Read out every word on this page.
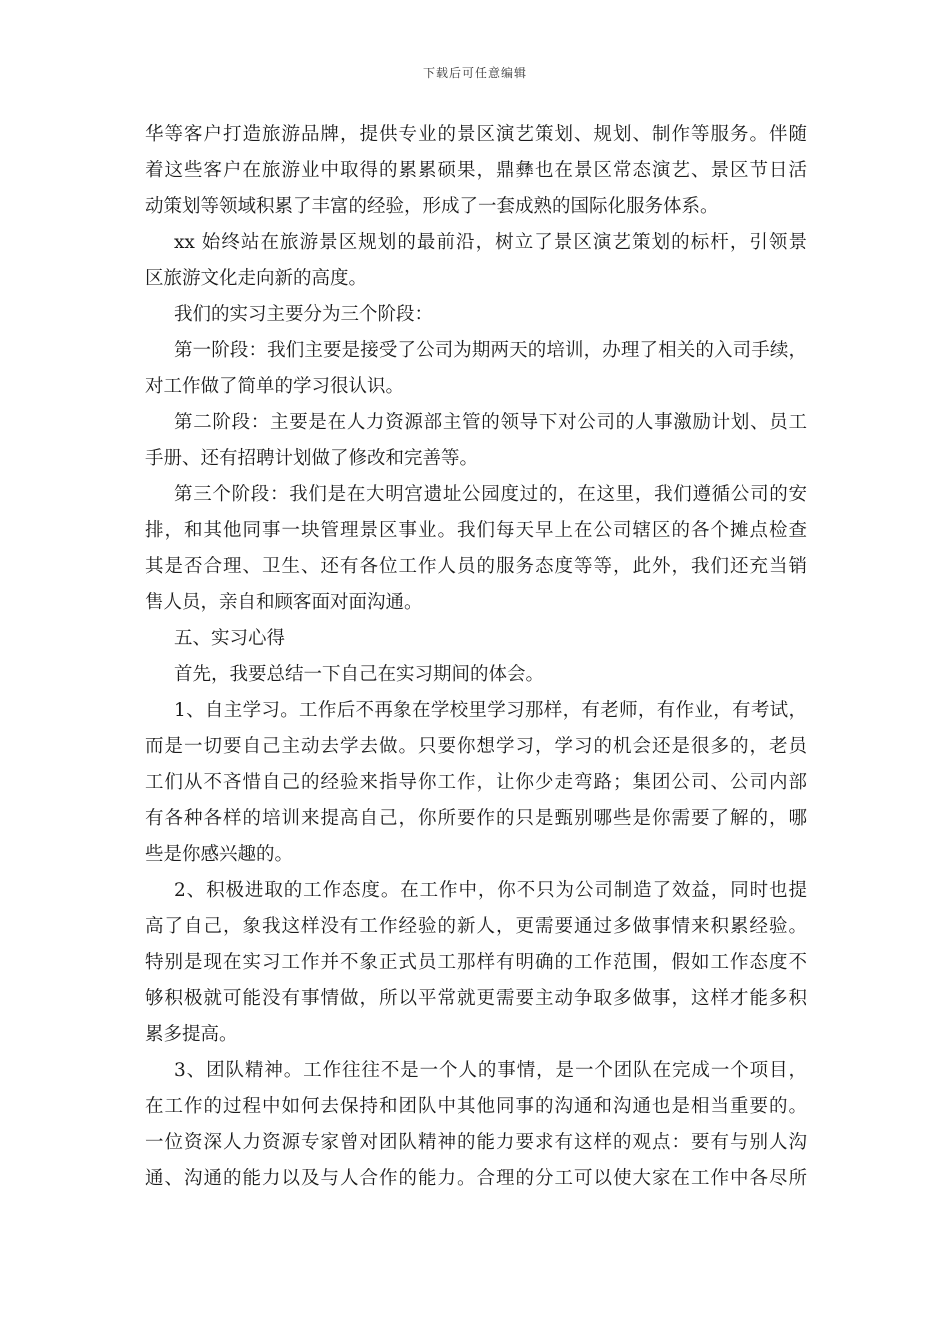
下载后可任意编辑
华等客户打造旅游品牌，提供专业的景区演艺策划、规划、制作等服务。伴随
着这些客户在旅游业中取得的累累硕果，鼎彝也在景区常态演艺、景区节日活
动策划等领域积累了丰富的经验，形成了一套成熟的国际化服务体系。
xx 始终站在旅游景区规划的最前沿，树立了景区演艺策划的标杆，引领景
区旅游文化走向新的高度。
我们的实习主要分为三个阶段：
第一阶段：我们主要是接受了公司为期两天的培训，办理了相关的入司手续，
对工作做了简单的学习很认识。
第二阶段：主要是在人力资源部主管的领导下对公司的人事激励计划、员工
手册、还有招聘计划做了修改和完善等。
第三个阶段：我们是在大明宫遗址公园度过的，在这里，我们遵循公司的安
排，和其他同事一块管理景区事业。我们每天早上在公司辖区的各个摊点检查
其是否合理、卫生、还有各位工作人员的服务态度等等，此外，我们还充当销
售人员，亲自和顾客面对面沟通。
五、实习心得
首先，我要总结一下自己在实习期间的体会。
1、自主学习。工作后不再象在学校里学习那样，有老师，有作业，有考试，
而是一切要自己主动去学去做。只要你想学习，学习的机会还是很多的，老员
工们从不吝惜自己的经验来指导你工作，让你少走弯路；集团公司、公司内部
有各种各样的培训来提高自己，你所要作的只是甄别哪些是你需要了解的，哪
些是你感兴趣的。
2、积极进取的工作态度。在工作中，你不只为公司制造了效益，同时也提
高了自己，象我这样没有工作经验的新人，更需要通过多做事情来积累经验。
特别是现在实习工作并不象正式员工那样有明确的工作范围，假如工作态度不
够积极就可能没有事情做，所以平常就更需要主动争取多做事，这样才能多积
累多提高。
3、团队精神。工作往往不是一个人的事情，是一个团队在完成一个项目，
在工作的过程中如何去保持和团队中其他同事的沟通和沟通也是相当重要的。
一位资深人力资源专家曾对团队精神的能力要求有这样的观点：要有与别人沟
通、沟通的能力以及与人合作的能力。合理的分工可以使大家在工作中各尽所
